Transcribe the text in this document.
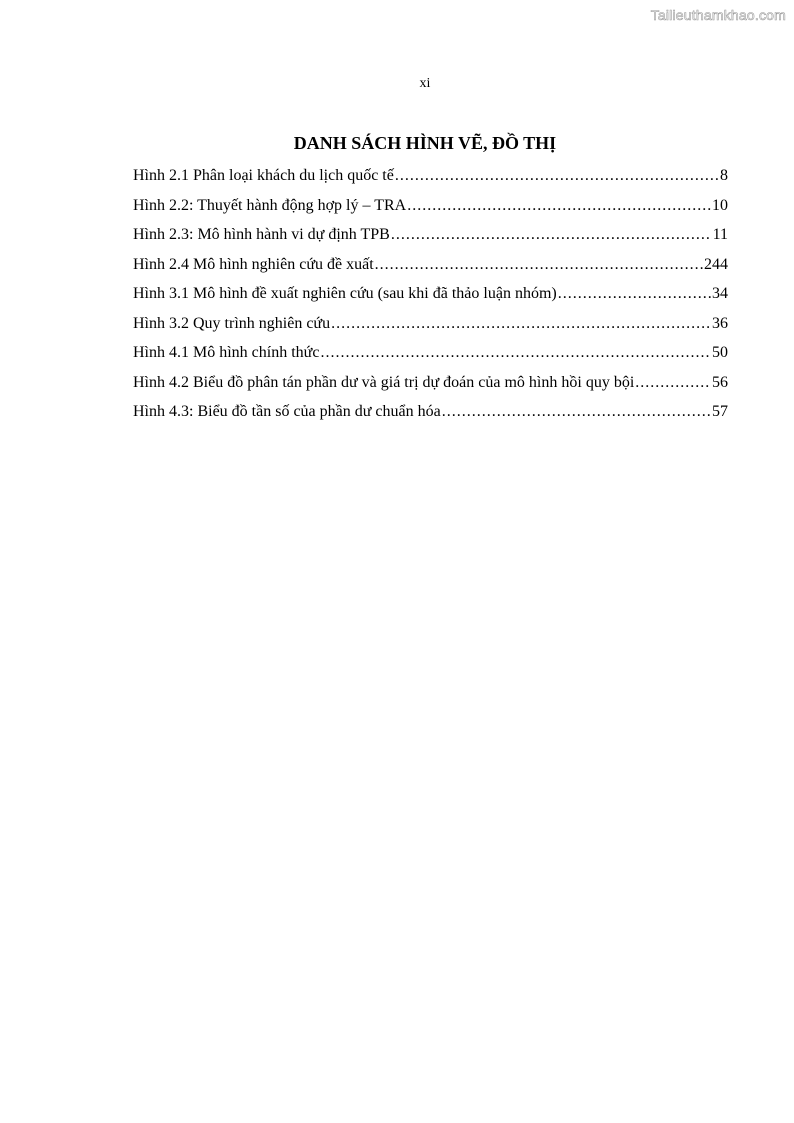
Tailieuthamkhao.com
xi
DANH SÁCH HÌNH VẼ, ĐỒ THỊ
Hình 2.1 Phân loại khách du lịch quốc tế .....	8
Hình 2.2: Thuyết hành động hợp lý – TRA .....	10
Hình 2.3: Mô hình hành vi dự định TPB .....	11
Hình 2.4 Mô hình nghiên cứu đề xuất .....	244
Hình 3.1 Mô hình đề xuất nghiên cứu (sau khi đã thảo luận nhóm) .....	34
Hình 3.2 Quy trình nghiên cứu .....	36
Hình 4.1 Mô hình chính thức .....	50
Hình 4.2 Biểu đồ phân tán phần dư và giá trị dự đoán của mô hình hồi quy bội .....	56
Hình 4.3: Biểu đồ tần số của phần dư chuẩn hóa .....	57
